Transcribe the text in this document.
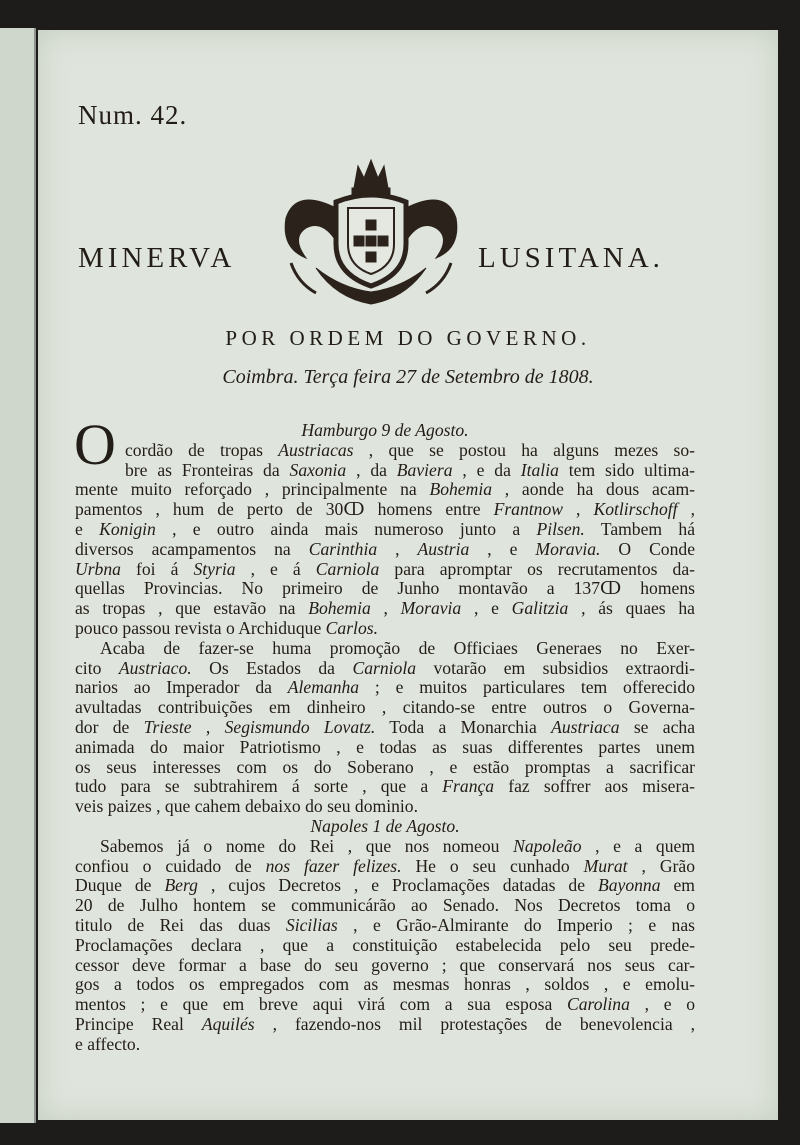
Num. 42.
MINERVA	LUSITANA.
POR ORDEM DO GOVERNO.
Coimbra. Terça feira 27 de Setembro de 1808.
O	Hamburgo 9 de Agosto.
cordão de tropas Austriacas , que se postou ha alguns mezes so-
bre as Fronteiras da Saxonia , da Baviera , e da Italia tem sido ultima-
mente muito reforçado , principalmente na Bohemia , aonde ha dous acam-
pamentos , hum de perto de 30ↀ homens entre Frantnow , Kotlirschoff ,
e Konigin , e outro ainda mais numeroso junto a Pilsen. Tambem há
diversos acampamentos na Carinthia , Austria , e Moravia. O Conde
Urbna foi á Styria , e á Carniola para apromptar os recrutamentos da-
quellas Provincias. No primeiro de Junho montavão a 137ↀ homens
as tropas , que estavão na Bohemia , Moravia , e Galitzia , ás quaes ha
pouco passou revista o Archiduque Carlos.
Acaba de fazer-se huma promoção de Officiaes Generaes no Exer-
cito Austriaco. Os Estados da Carniola votarão em subsidios extraordi-
narios ao Imperador da Alemanha ; e muitos particulares tem offerecido
avultadas contribuições em dinheiro , citando-se entre outros o Governa-
dor de Trieste , Segismundo Lovatz. Toda a Monarchia Austriaca se acha
animada do maior Patriotismo , e todas as suas differentes partes unem
os seus interesses com os do Soberano , e estão promptas a sacrificar
tudo para se subtrahirem á sorte , que a França faz soffrer aos misera-
veis paizes , que cahem debaixo do seu dominio.
Napoles 1 de Agosto.
Sabemos já o nome do Rei , que nos nomeou Napoleão , e a quem
confiou o cuidado de nos fazer felizes. He o seu cunhado Murat , Grão
Duque de Berg , cujos Decretos , e Proclamações datadas de Bayonna em
20 de Julho hontem se communicárão ao Senado. Nos Decretos toma o
titulo de Rei das duas Sicilias , e Grão-Almirante do Imperio ; e nas
Proclamações declara , que a constituição estabelecida pelo seu prede-
cessor deve formar a base do seu governo ; que conservará nos seus car-
gos a todos os empregados com as mesmas honras , soldos , e emolu-
mentos ; e que em breve aqui virá com a sua esposa Carolina , e o
Principe Real Aquilés , fazendo-nos mil protestações de benevolencia ,
e affecto.
